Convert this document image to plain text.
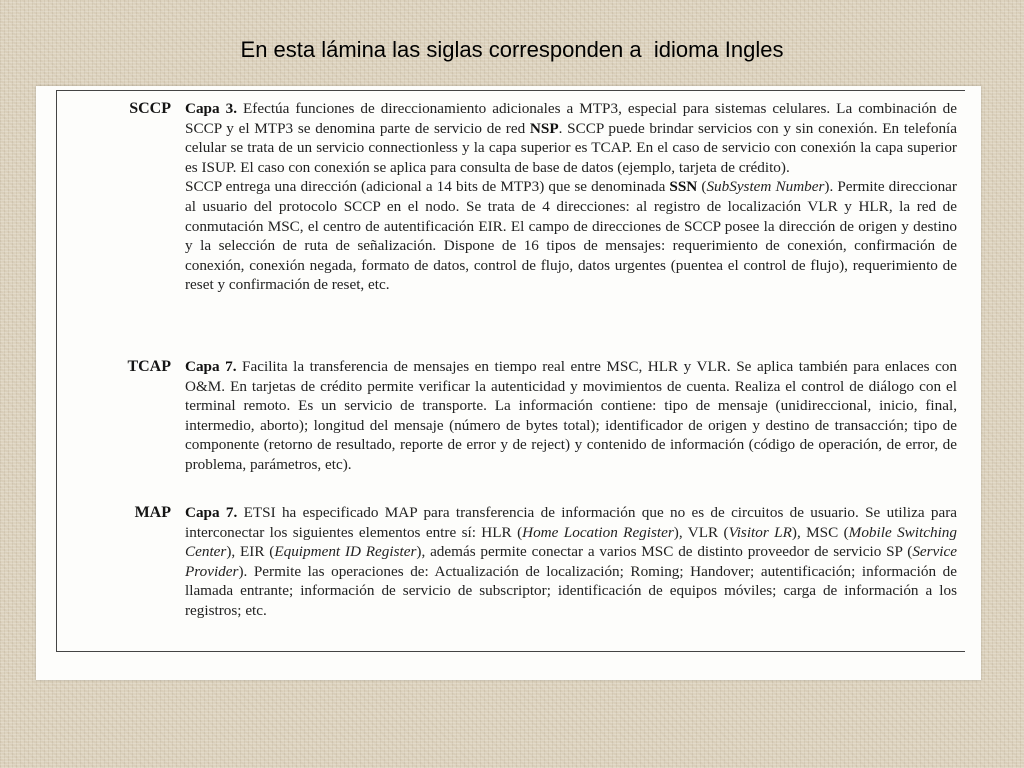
En esta lámina las siglas corresponden a  idioma Ingles
SCCP Capa 3. Efectúa funciones de direccionamiento adicionales a MTP3, especial para sistemas celulares. La combinación de SCCP y el MTP3 se denomina parte de servicio de red NSP. SCCP puede brindar servicios con y sin conexión. En telefonía celular se trata de un servicio connectionless y la capa superior es TCAP. En el caso de servicio con conexión la capa superior es ISUP. El caso con conexión se aplica para consulta de base de datos (ejemplo, tarjeta de crédito).

SCCP entrega una dirección (adicional a 14 bits de MTP3) que se denominada SSN (SubSystem Number). Permite direccionar al usuario del protocolo SCCP en el nodo. Se trata de 4 direcciones: al registro de localización VLR y HLR, la red de conmutación MSC, el centro de autentificación EIR. El campo de direcciones de SCCP posee la dirección de origen y destino y la selección de ruta de señalización. Dispone de 16 tipos de mensajes: requerimiento de conexión, confirmación de conexión, conexión negada, formato de datos, control de flujo, datos urgentes (puentea el control de flujo), requerimiento de reset y confirmación de reset, etc.

TCAP Capa 7. Facilita la transferencia de mensajes en tiempo real entre MSC, HLR y VLR. Se aplica también para enlaces con O&M. En tarjetas de crédito permite verificar la autenticidad y movimientos de cuenta. Realiza el control de diálogo con el terminal remoto. Es un servicio de transporte. La información contiene: tipo de mensaje (unidireccional, inicio, final, intermedio, aborto); longitud del mensaje (número de bytes total); identificador de origen y destino de transacción; tipo de componente (retorno de resultado, reporte de error y de reject) y contenido de información (código de operación, de error, de problema, parámetros, etc).

MAP Capa 7. ETSI ha especificado MAP para transferencia de información que no es de circuitos de usuario. Se utiliza para interconectar los siguientes elementos entre sí: HLR (Home Location Register), VLR (Visitor LR), MSC (Mobile Switching Center), EIR (Equipment ID Register), además permite conectar a varios MSC de distinto proveedor de servicio SP (Service Provider). Permite las operaciones de: Actualización de localización; Roming; Handover; autentificación; información de llamada entrante; información de servicio de subscriptor; identificación de equipos móviles; carga de información a los registros; etc.
